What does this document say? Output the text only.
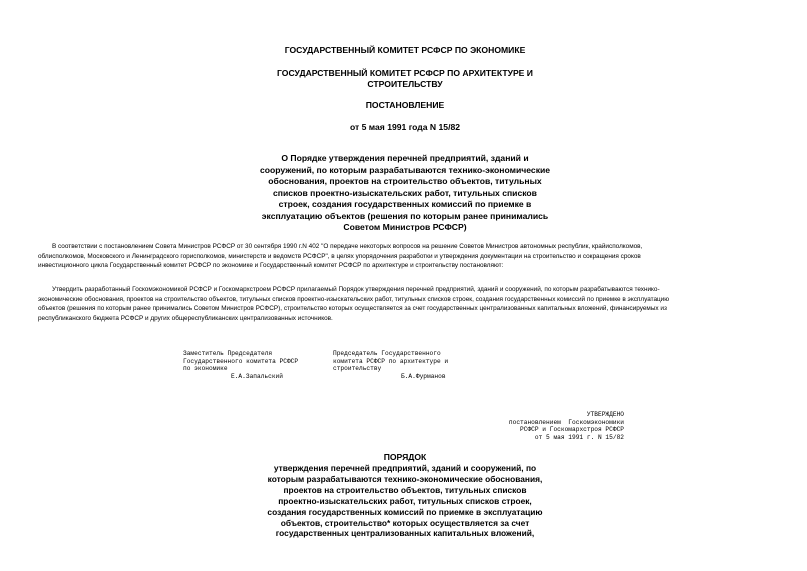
ГОСУДАРСТВЕННЫЙ КОМИТЕТ РСФСР ПО ЭКОНОМИКЕ
ГОСУДАРСТВЕННЫЙ КОМИТЕТ РСФСР ПО АРХИТЕКТУРЕ И
СТРОИТЕЛЬСТВУ
ПОСТАНОВЛЕНИЕ
от 5 мая 1991 года N 15/82
О Порядке утверждения перечней предприятий, зданий и
сооружений, по которым разрабатываются технико-экономические
обоснования, проектов на строительство объектов, титульных
списков проектно-изыскательских работ, титульных списков
строек, создания государственных комиссий по приемке в
эксплуатацию объектов (решения по которым ранее принимались
Советом Министров РСФСР)
В соответствии с постановлением Совета Министров РСФСР от 30 сентября 1990 г.N 402 "О передаче некоторых вопросов на решение Советов Министров автономных республик, крайисполкомов,
облисполкомов, Московского и Ленинградского горисполкомов, министерств и ведомств РСФСР", в целях упорядочения разработки и утверждения документации на строительство и сокращения сроков
инвестиционного цикла Государственный комитет РСФСР по экономике и Государственный комитет РСФСР по архитектуре и строительству постановляют:
Утвердить разработанный Госкомэкономикой РСФСР и Госкомархстроем РСФСР прилагаемый Порядок утверждения перечней предприятий, зданий и сооружений, по которым разрабатываются технико-
экономические обоснования, проектов на строительство объектов, титульных списков проектно-изыскательских работ, титульных списков строек, создания государственных комиссий по приемке в эксплуатацию
объектов (решения по которым ранее принимались Советом Министров РСФСР), строительство которых осуществляется за счет государственных централизованных капитальных вложений, финансируемых из
республиканского бюджета РСФСР и других общереспубликанских централизованных источников.
Заместитель Председателя
Государственного комитета РСФСР
по экономике
Е.А.Запальский
Председатель Государственного
комитета РСФСР по архитектуре и
строительству
Б.А.Фурманов
УТВЕРЖДЕНО
постановлением  Госкомэкономики
РСФСР и Госкомархстроя РСФСР
от 5 мая 1991 г. N 15/82
ПОРЯДОК
утверждения перечней предприятий, зданий и сооружений, по
которым разрабатываются технико-экономические обоснования,
проектов на строительство объектов, титульных списков
проектно-изыскательских работ, титульных списков строек,
создания государственных комиссий по приемке в эксплуатацию
объектов, строительство* которых осуществляется за счет
государственных централизованных капитальных вложений,
